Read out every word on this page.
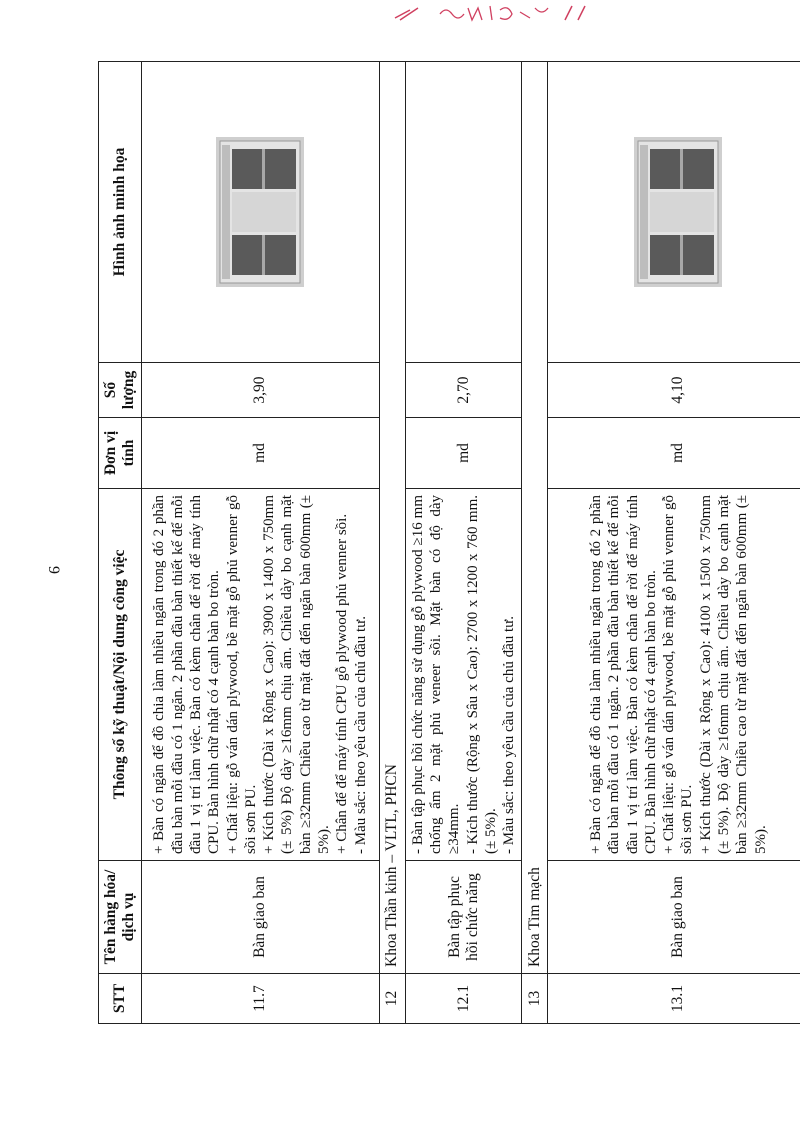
9
STT	Tên hàng hóa/ dịch vụ	Thông số kỹ thuật/Nội dung công việc	Đơn vị tính	Số lượng	Hình ảnh minh họa
11.7	Bàn giao ban	+ Bàn có ngăn để đồ chia làm nhiều ngăn trong đó 2 phần đầu bàn mỗi đầu có 1 ngăn. 2 phần đầu bàn thiết kế để mỗi đầu 1 vị trí làm việc. Bàn có kèm chân để rời để máy tính CPU. Bàn hình chữ nhật có 4 cạnh bàn bo tròn. + Chất liệu: gỗ ván dán plywood, bề mặt gỗ phủ venner gỗ sồi sơn PU. + Kích thước (Dài x Rộng x Cao): 3900 x 1400 x 750mm (± 5%) Độ dày ≥16mm chịu ẩm. Chiều dày bo cạnh mặt bàn ≥32mm Chiều cao từ mặt đất đến ngăn bàn 600mm (± 5%). + Chân để để máy tính CPU gỗ plywood phủ venner sồi. - Màu sắc: theo yêu cầu của chủ đầu tư.	md	3,90	

12	Khoa Thần kinh – VLTL, PHCN				
12.1	Bàn tập phục hồi chức năng	- Bàn tập phục hồi chức năng sử dụng gỗ plywood ≥16 mm chống ẩm 2 mặt phủ veneer sồi. Mặt bàn có độ dày ≥34mm. - Kích thước (Rộng x Sâu x Cao): 2700 x 1200 x 760 mm. (± 5%). - Màu sắc: theo yêu cầu của chủ đầu tư.	md	2,70	
13	Khoa Tim mạch				
13.1	Bàn giao ban	+ Bàn có ngăn để đồ chia làm nhiều ngăn trong đó 2 phần đầu bàn mỗi đầu có 1 ngăn. 2 phần đầu bàn thiết kế để mỗi đầu 1 vị trí làm việc. Bàn có kèm chân để rời để máy tính CPU. Bàn hình chữ nhật có 4 cạnh bàn bo tròn. + Chất liệu: gỗ ván dán plywood, bề mặt gỗ phủ venner gỗ sồi sơn PU. + Kích thước (Dài x Rộng x Cao): 4100 x 1500 x 750mm (± 5%). Độ dày ≥16mm chịu ẩm. Chiều dày bo cạnh mặt bàn ≥32mm Chiều cao từ mặt đất đến ngăn bàn 600mm (± 5%).	md	4,10	
